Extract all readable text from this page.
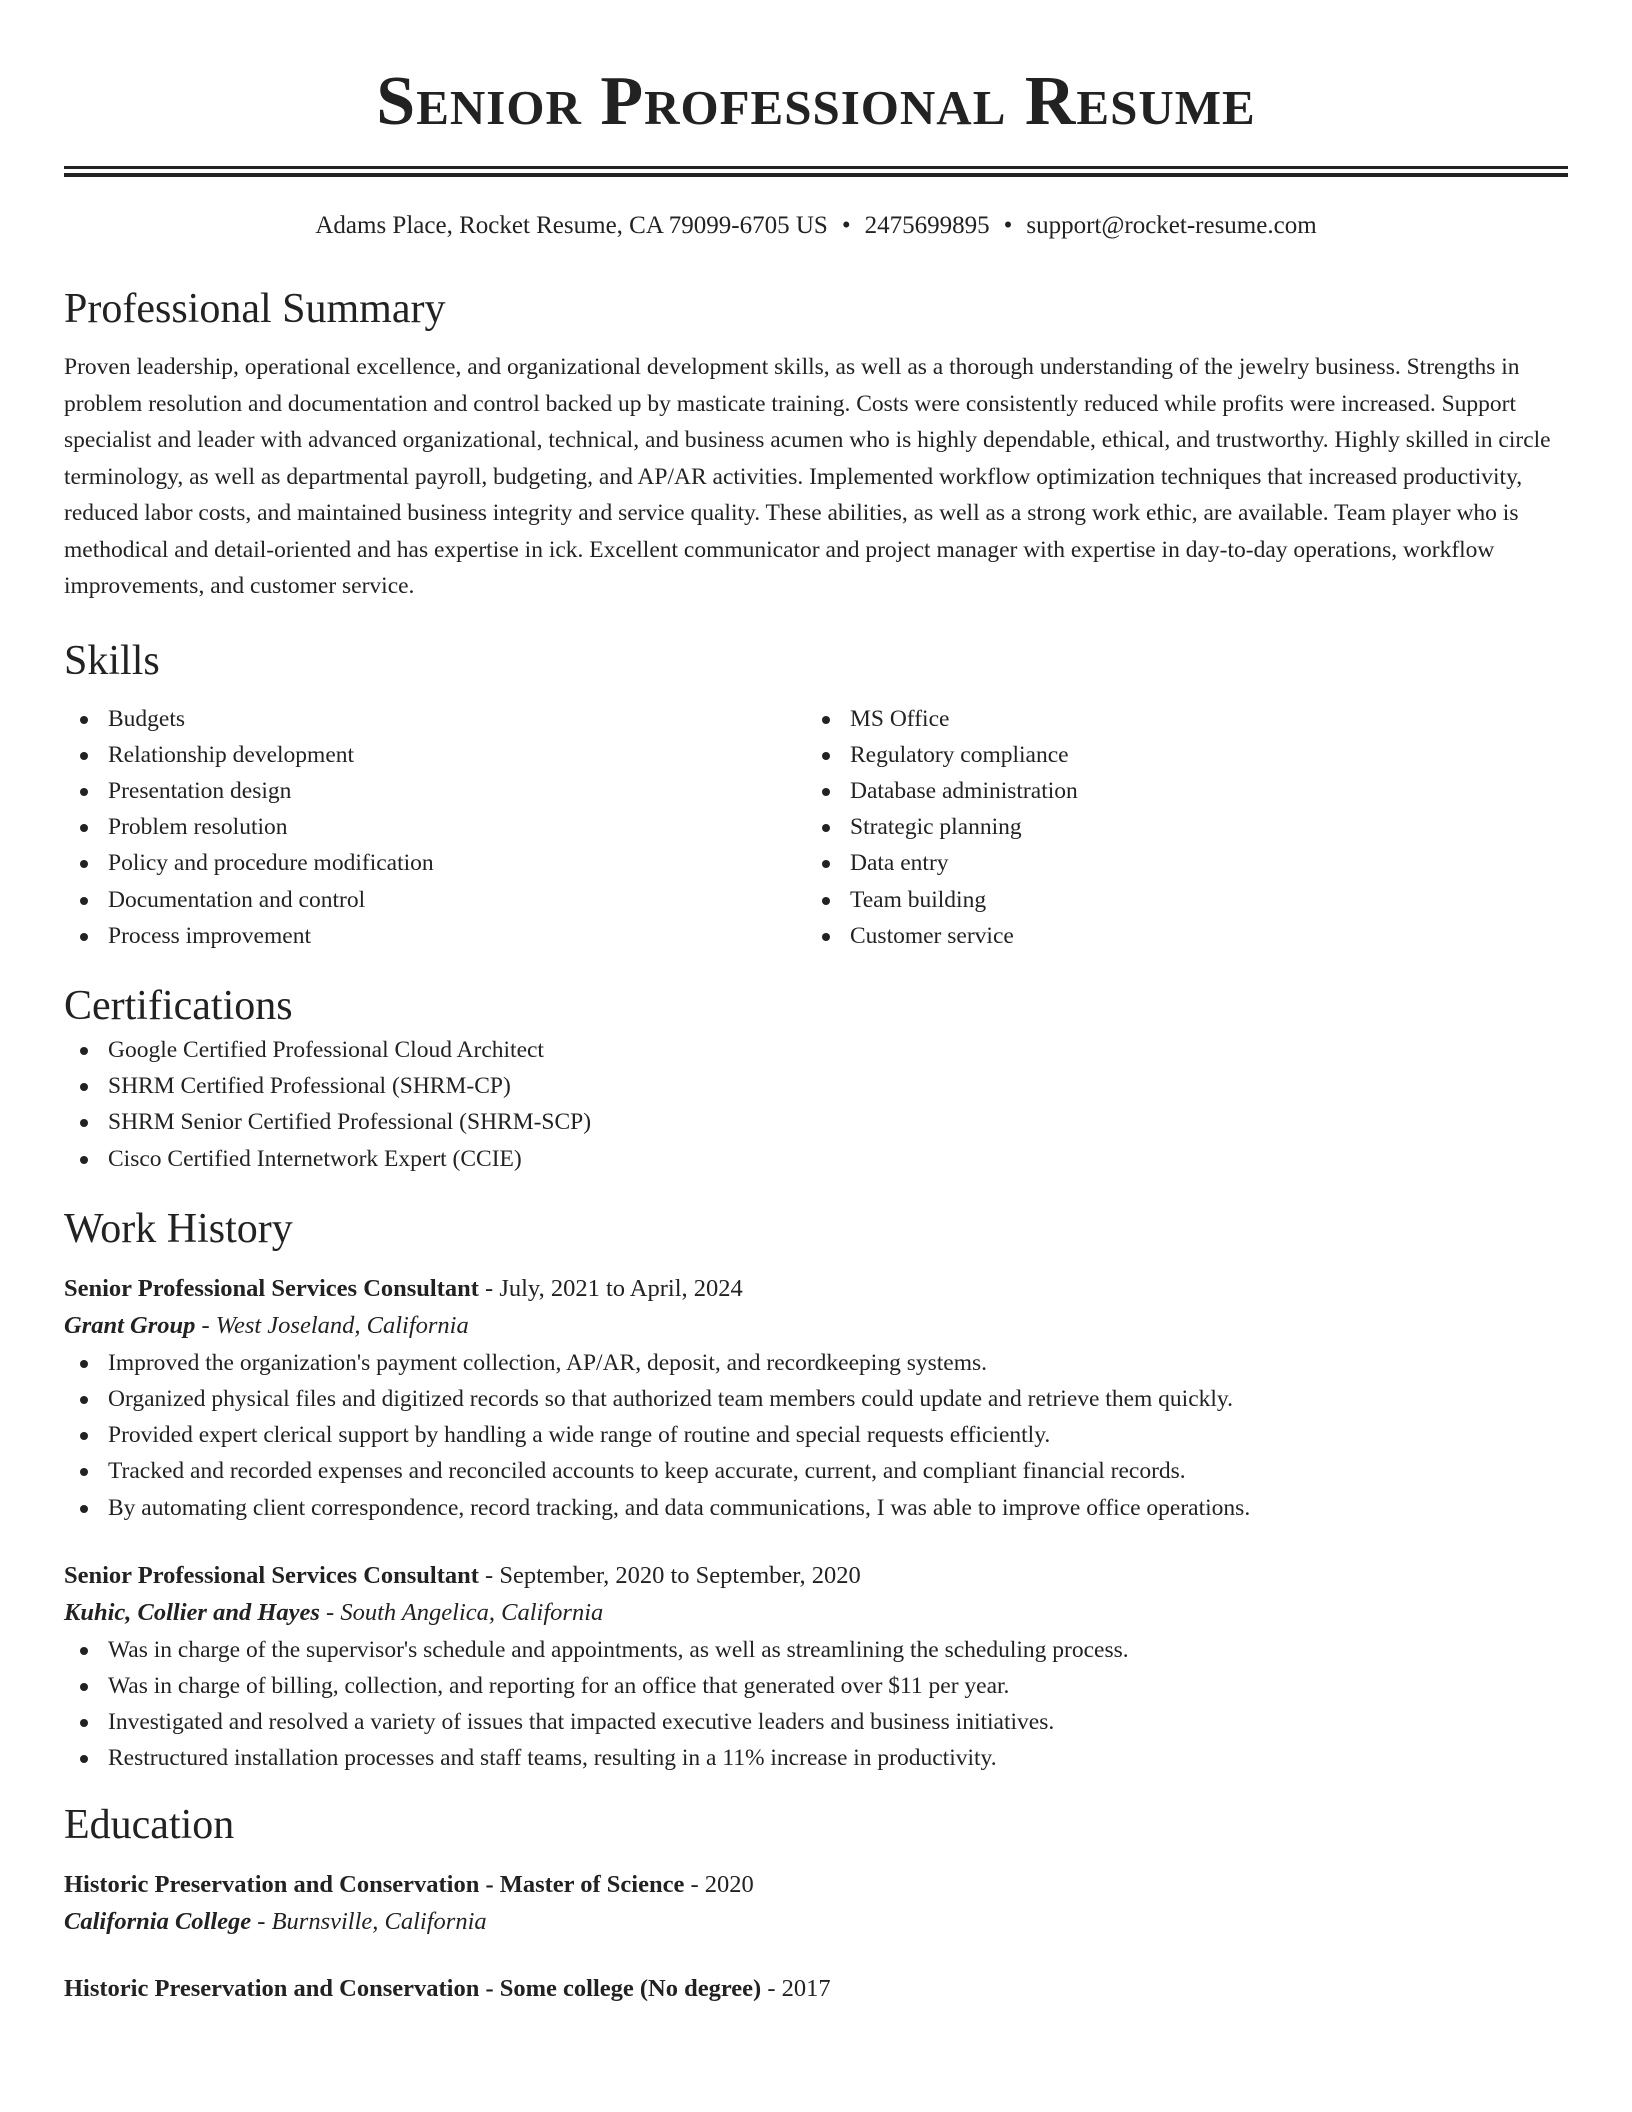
Senior Professional Resume
Adams Place, Rocket Resume, CA 79099-6705 US • 2475699895 • support@rocket-resume.com
Professional Summary

Proven leadership, operational excellence, and organizational development skills, as well as a thorough understanding of the jewelry business. Strengths in problem resolution and documentation and control backed up by masticate training. Costs were consistently reduced while profits were increased. Support specialist and leader with advanced organizational, technical, and business acumen who is highly dependable, ethical, and trustworthy. Highly skilled in circle terminology, as well as departmental payroll, budgeting, and AP/AR activities. Implemented workflow optimization techniques that increased productivity, reduced labor costs, and maintained business integrity and service quality. These abilities, as well as a strong work ethic, are available. Team player who is methodical and detail-oriented and has expertise in ick. Excellent communicator and project manager with expertise in day-to-day operations, workflow improvements, and customer service.

Skills
Budgets
Relationship development
Presentation design
Problem resolution
Policy and procedure modification
Documentation and control
Process improvement
MS Office
Regulatory compliance
Database administration
Strategic planning
Data entry
Team building
Customer service
Certifications
Google Certified Professional Cloud Architect
SHRM Certified Professional (SHRM-CP)
SHRM Senior Certified Professional (SHRM-SCP)
Cisco Certified Internetwork Expert (CCIE)
Work History
Senior Professional Services Consultant - July, 2021 to April, 2024
Grant Group - West Joseland, California
Improved the organization's payment collection, AP/AR, deposit, and recordkeeping systems.
Organized physical files and digitized records so that authorized team members could update and retrieve them quickly.
Provided expert clerical support by handling a wide range of routine and special requests efficiently.
Tracked and recorded expenses and reconciled accounts to keep accurate, current, and compliant financial records.
By automating client correspondence, record tracking, and data communications, I was able to improve office operations.
Senior Professional Services Consultant - September, 2020 to September, 2020
Kuhic, Collier and Hayes - South Angelica, California
Was in charge of the supervisor's schedule and appointments, as well as streamlining the scheduling process.
Was in charge of billing, collection, and reporting for an office that generated over $11 per year.
Investigated and resolved a variety of issues that impacted executive leaders and business initiatives.
Restructured installation processes and staff teams, resulting in a 11% increase in productivity.
Education
Historic Preservation and Conservation - Master of Science - 2020
California College - Burnsville, California
Historic Preservation and Conservation - Some college (No degree) - 2017
